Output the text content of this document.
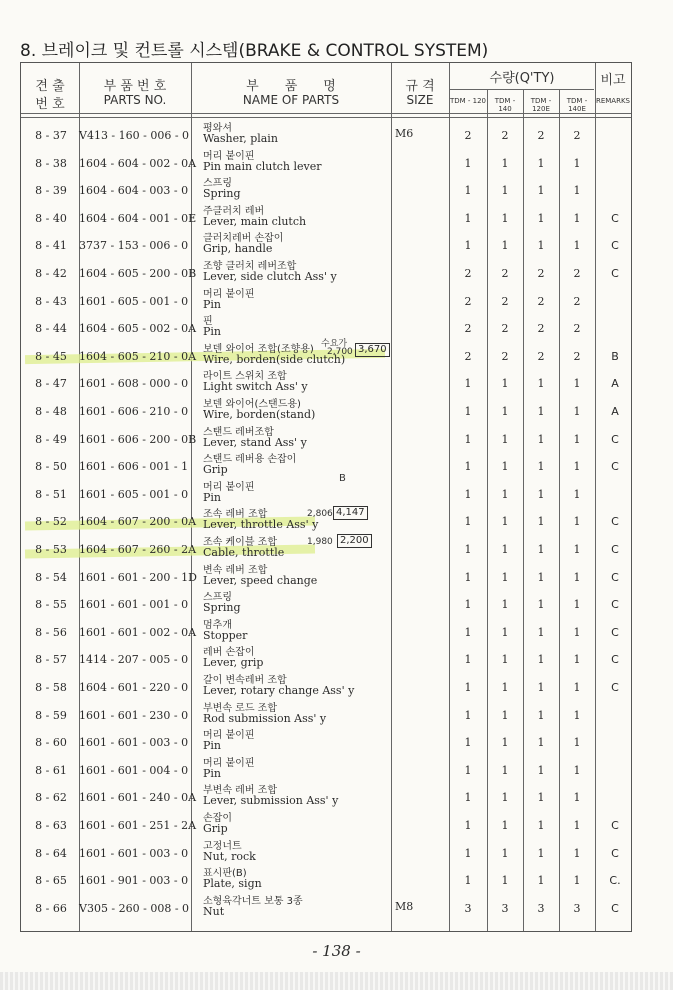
8. 브레이크 및 컨트롤 시스템(BRAKE & CONTROL SYSTEM)
견 출
번 호
부 품 번 호
PARTS NO.
부　　품　　명
NAME OF PARTS
규 격
SIZE
수량(Q'TY)
TDM - 120	TDM - 140
TDM - 120E
TDM - 140E
비고
REMARKS
8 - 37	V413 - 160 - 006 - 0
평와셔
Washer, plain	M6	2	2	2	2
8 - 38	1604 - 604 - 002 - 0A
머리 붙이핀
Pin main clutch lever	1	1	1	1
8 - 39	1604 - 604 - 003 - 0
스프링
Spring	1	1	1	1
8 - 40	1604 - 604 - 001 - 0E
주클러치 레버
Lever, main clutch	1	1	1	1	C
8 - 41	3737 - 153 - 006 - 0
클러치레버 손잡이
Grip, handle	1	1	1	1	C
8 - 42	1604 - 605 - 200 - 0B
조향 클러치 레버조합
Lever, side clutch Ass' y	2	2	2	2	C
8 - 43	1601 - 605 - 001 - 0
머리 붙이핀
Pin	2	2	2	2
8 - 44	1604 - 605 - 002 - 0A
핀
Pin	2	2	2	2
8 - 45	1604 - 605 - 210 - 0A
보덴 와이어 조합(조향용)
Wire, borden(side clutch)	2	2	2	2	B
8 - 47	1601 - 608 - 000 - 0
라이트 스위치 조합
Light switch Ass' y	1	1	1	1	A
8 - 48	1601 - 606 - 210 - 0
보덴 와이어(스탠드용)
Wire, borden(stand)	1	1	1	1	A
8 - 49	1601 - 606 - 200 - 0B
스탠드 레버조합
Lever, stand Ass' y	1	1	1	1	C
8 - 50	1601 - 606 - 001 - 1
스탠드 레버용 손잡이
Grip	1	1	1	1	C
8 - 51	1601 - 605 - 001 - 0
머리 붙이핀
Pin	1	1	1	1
8 - 52	1604 - 607 - 200 - 0A
조속 레버 조합
Lever, throttle Ass' y	1	1	1	1	C
8 - 53	1604 - 607 - 260 - 2A
조속 케이블 조합
Cable, throttle	1	1	1	1	C
8 - 54	1601 - 601 - 200 - 1D
변속 레버 조합
Lever, speed change	1	1	1	1	C
8 - 55	1601 - 601 - 001 - 0
스프링
Spring	1	1	1	1	C
8 - 56	1601 - 601 - 002 - 0A
멈추개
Stopper	1	1	1	1	C
8 - 57	1414 - 207 - 005 - 0
레버 손잡이
Lever, grip	1	1	1	1	C
8 - 58	1604 - 601 - 220 - 0
갈이 변속레버 조합
Lever, rotary change Ass' y	1	1	1	1	C
8 - 59	1601 - 601 - 230 - 0
부변속 로드 조합
Rod submission Ass' y	1	1	1	1
8 - 60	1601 - 601 - 003 - 0
머리 붙이핀
Pin	1	1	1	1
8 - 61	1601 - 601 - 004 - 0
머리 붙이핀
Pin	1	1	1	1
8 - 62	1601 - 601 - 240 - 0A
부변속 레버 조합
Lever, submission Ass' y	1	1	1	1
8 - 63	1601 - 601 - 251 - 2A
손잡이
Grip	1	1	1	1	C
8 - 64	1601 - 601 - 003 - 0
고정너트
Nut, rock	1	1	1	1	C
8 - 65	1601 - 901 - 003 - 0
표시판(B)
Plate, sign	1	1	1	1	C.
8 - 66	V305 - 260 - 008 - 0
소형육각너트 보통 3종
Nut	M8	3	3	3	3	C
수요가
2,700 3,670
B
2,806 4,147
1,980 2,200
- 138 -
